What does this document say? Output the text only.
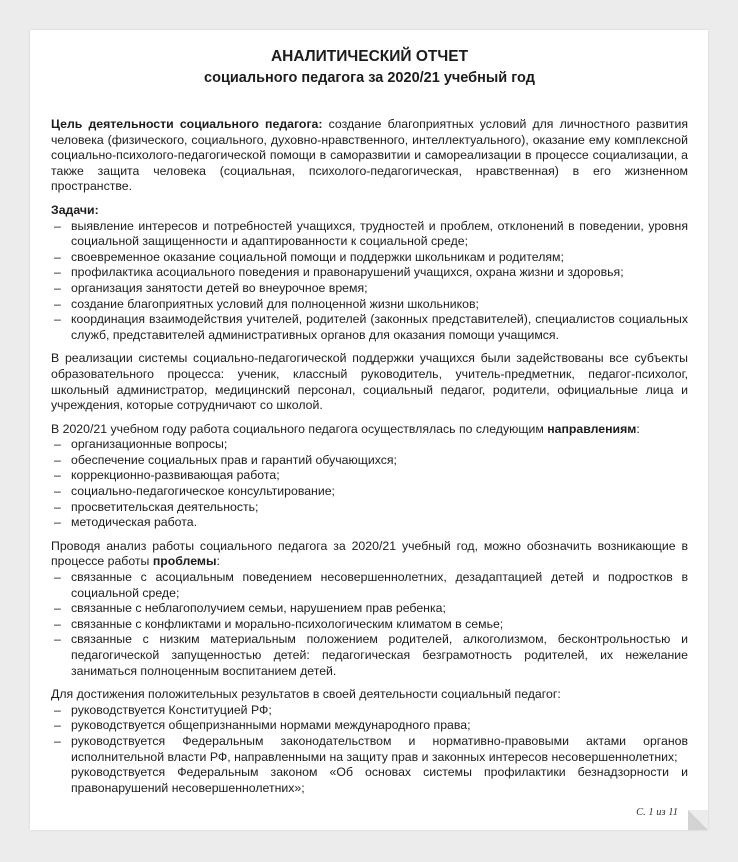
АНАЛИТИЧЕСКИЙ ОТЧЕТ
социального педагога за 2020/21 учебный год

Цель деятельности социального педагога: создание благоприятных условий для личностного развития человека (физического, социального, духовно-нравственного, интеллектуального), оказание ему комплексной социально-психолого-педагогической помощи в саморазвитии и самореализации в процессе социализации, а также защита человека (социальная, психолого-педагогическая, нравственная) в его жизненном пространстве.

Задачи:

– выявление интересов и потребностей учащихся, трудностей и проблем, отклонений в поведении, уровня социальной защищенности и адаптированности к социальной среде;
– своевременное оказание социальной помощи и поддержки школьникам и родителям;
– профилактика асоциального поведения и правонарушений учащихся, охрана жизни и здоровья;
– организация занятости детей во внеурочное время;
– создание благоприятных условий для полноценной жизни школьников;
– координация взаимодействия учителей, родителей (законных представителей), специалистов социальных служб, представителей административных органов для оказания помощи учащимся.

В реализации системы социально-педагогической поддержки учащихся были задействованы все субъекты образовательного процесса: ученик, классный руководитель, учитель-предметник, педагог-психолог, школьный администратор, медицинский персонал, социальный педагог, родители, официальные лица и учреждения, которые сотрудничают со школой.

В 2020/21 учебном году работа социального педагога осуществлялась по следующим направлениям:

– организационные вопросы;
– обеспечение социальных прав и гарантий обучающихся;
– коррекционно-развивающая работа;
– социально-педагогическое консультирование;
– просветительская деятельность;
– методическая работа.

Проводя анализ работы социального педагога за 2020/21 учебный год, можно обозначить возникающие в процессе работы проблемы:

– связанные с асоциальным поведением несовершеннолетних, дезадаптацией детей и подростков в социальной среде;
– связанные с неблагополучием семьи, нарушением прав ребенка;
– связанные с конфликтами и морально-психологическим климатом в семье;
– связанные с низким материальным положением родителей, алкоголизмом, бесконтрольностью и педагогической запущенностью детей: педагогическая безграмотность родителей, их нежелание заниматься полноценным воспитанием детей.

Для достижения положительных результатов в своей деятельности социальный педагог:

– руководствуется Конституцией РФ;
– руководствуется общепризнанными нормами международного права;
– руководствуется Федеральным законодательством и нормативно-правовыми актами органов исполнительной власти РФ, направленными на защиту прав и законных интересов несовершеннолетних;
руководствуется Федеральным законом «Об основах системы профилактики безнадзорности и правонарушений несовершеннолетних»;
С. 1 из 11
